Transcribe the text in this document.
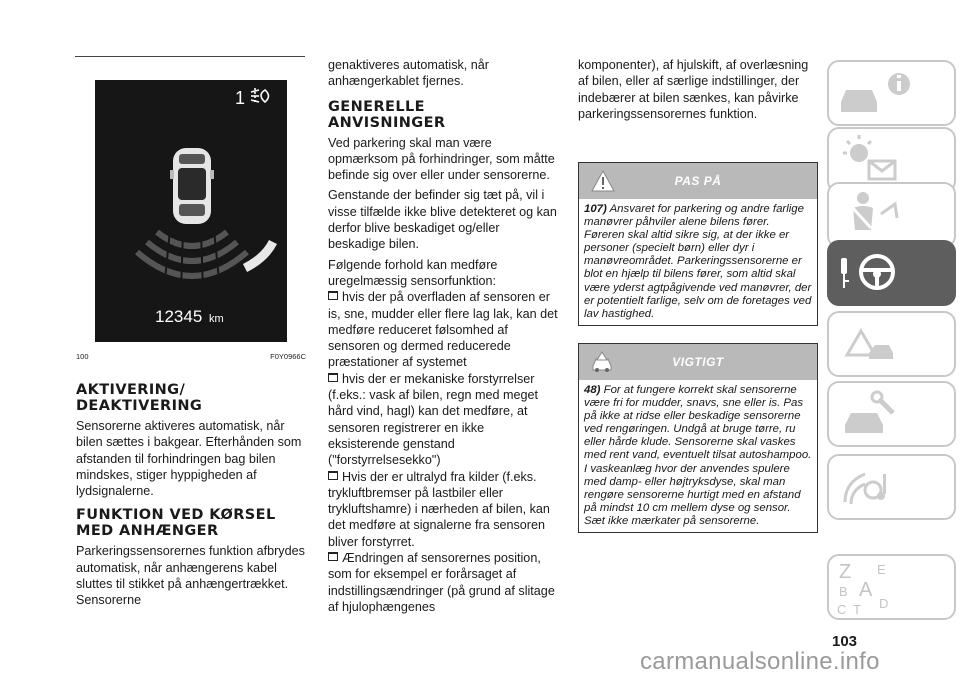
1
12345 km
100	F0Y0966C
AKTIVERING/
DEAKTIVERING

Sensorerne aktiveres automatisk, når bilen sættes i bakgear. Efterhånden som afstanden til forhindringen bag bilen mindskes, stiger hyppigheden af lydsignalerne.

FUNKTION VED KØRSEL
MED ANHÆNGER

Parkeringssensorernes funktion afbrydes automatisk, når anhængerens kabel sluttes til stikket på anhængertrækket. Sensorerne

genaktiveres automatisk, når anhængerkablet fjernes.

GENERELLE
ANVISNINGER

Ved parkering skal man være opmærksom på forhindringer, som måtte befinde sig over eller under sensorerne.

Genstande der befinder sig tæt på, vil i visse tilfælde ikke blive detekteret og kan derfor blive beskadiget og/eller beskadige bilen.

Følgende forhold kan medføre uregelmæssig sensorfunktion:

hvis der på overfladen af sensoren er is, sne, mudder eller flere lag lak, kan det medføre reduceret følsomhed af sensoren og dermed reducerede præstationer af systemet

hvis der er mekaniske forstyrrelser (f.eks.: vask af bilen, regn med meget hård vind, hagl) kan det medføre, at sensoren registrerer en ikke eksisterende genstand ("forstyrrelsesekko")

Hvis der er ultralyd fra kilder (f.eks. trykluftbremser på lastbiler eller trykluftshamre) i nærheden af bilen, kan det medføre at signalerne fra sensoren bliver forstyrret.

Ændringen af sensorernes position, som for eksempel er forårsaget af indstillingsændringer (på grund af slitage af hjulophængenes

komponenter), af hjulskift, af overlæsning af bilen, eller af særlige indstillinger, der indebærer at bilen sænkes, kan påvirke parkeringssensorernes funktion.

PAS PÅ
107) Ansvaret for parkering og andre farlige manøvrer påhviler alene bilens fører. Føreren skal altid sikre sig, at der ikke er personer (specielt børn) eller dyr i manøvreområdet. Parkeringssensorerne er blot en hjælp til bilens fører, som altid skal være yderst agtpågivende ved manøvrer, der er potentielt farlige, selv om de foretages ved lav hastighed.
VIGTIGT
48) For at fungere korrekt skal sensorerne være fri for mudder, snavs, sne eller is. Pas på ikke at ridse eller beskadige sensorerne ved rengøringen. Undgå at bruge tørre, ru eller hårde klude. Sensorerne skal vaskes med rent vand, eventuelt tilsat autoshampoo. I vaskeanlæg hvor der anvendes spulere med damp- eller højtryksdyse, skal man rengøre sensorerne hurtigt med en afstand på mindst 10 cm mellem dyse og sensor. Sæt ikke mærkater på sensorerne.
Z E
B A
C T D
103
carmanualsonline.info
